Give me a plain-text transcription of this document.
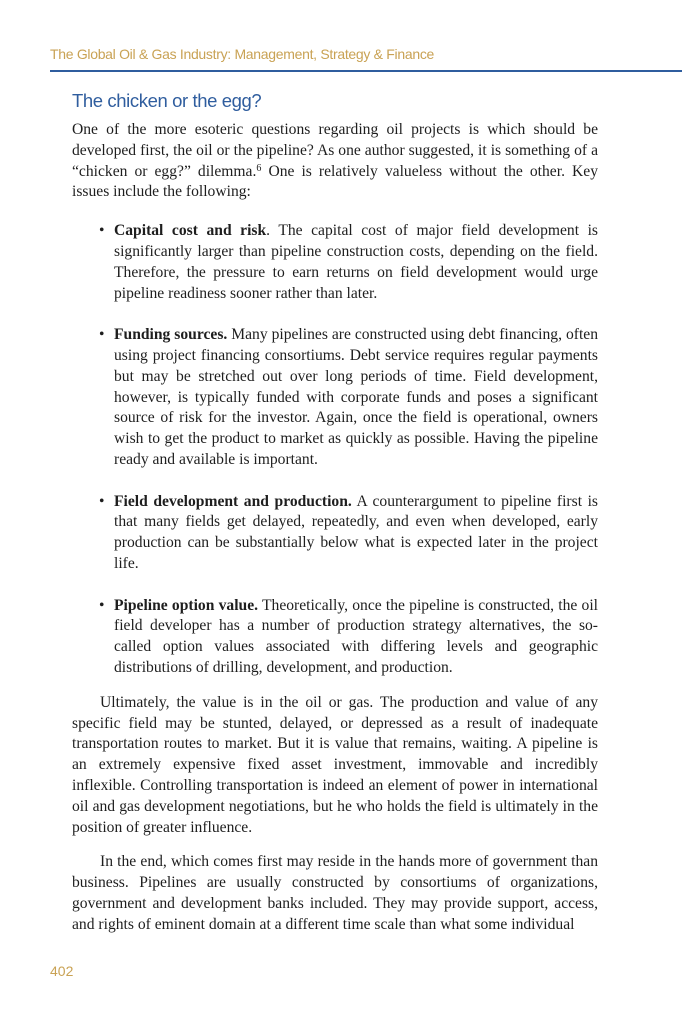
The Global Oil & Gas Industry: Management, Strategy & Finance
The chicken or the egg?

One of the more esoteric questions regarding oil projects is which should be developed first, the oil or the pipeline? As one author suggested, it is something of a “chicken or egg?” dilemma.$^6$ One is relatively valueless without the other. Key issues include the following:

• Capital cost and risk. The capital cost of major field development is significantly larger than pipeline construction costs, depending on the field. Therefore, the pressure to earn returns on field development would urge pipeline readiness sooner rather than later.
• Funding sources. Many pipelines are constructed using debt financing, often using project financing consortiums. Debt service requires regular payments but may be stretched out over long periods of time. Field development, however, is typically funded with corporate funds and poses a significant source of risk for the investor. Again, once the field is operational, owners wish to get the product to market as quickly as possible. Having the pipeline ready and available is important.
• Field development and production. A counterargument to pipeline first is that many fields get delayed, repeatedly, and even when developed, early production can be substantially below what is expected later in the project life.
• Pipeline option value. Theoretically, once the pipeline is constructed, the oil field developer has a number of production strategy alternatives, the so-called option values associated with differing levels and geographic distributions of drilling, development, and production.

Ultimately, the value is in the oil or gas. The production and value of any specific field may be stunted, delayed, or depressed as a result of inadequate transportation routes to market. But it is value that remains, waiting. A pipeline is an extremely expensive fixed asset investment, immovable and incredibly inflexible. Controlling transportation is indeed an element of power in international oil and gas development negotiations, but he who holds the field is ultimately in the position of greater influence.

In the end, which comes first may reside in the hands more of government than business. Pipelines are usually constructed by consortiums of organizations, government and development banks included. They may provide support, access, and rights of eminent domain at a different time scale than what some individual

402
